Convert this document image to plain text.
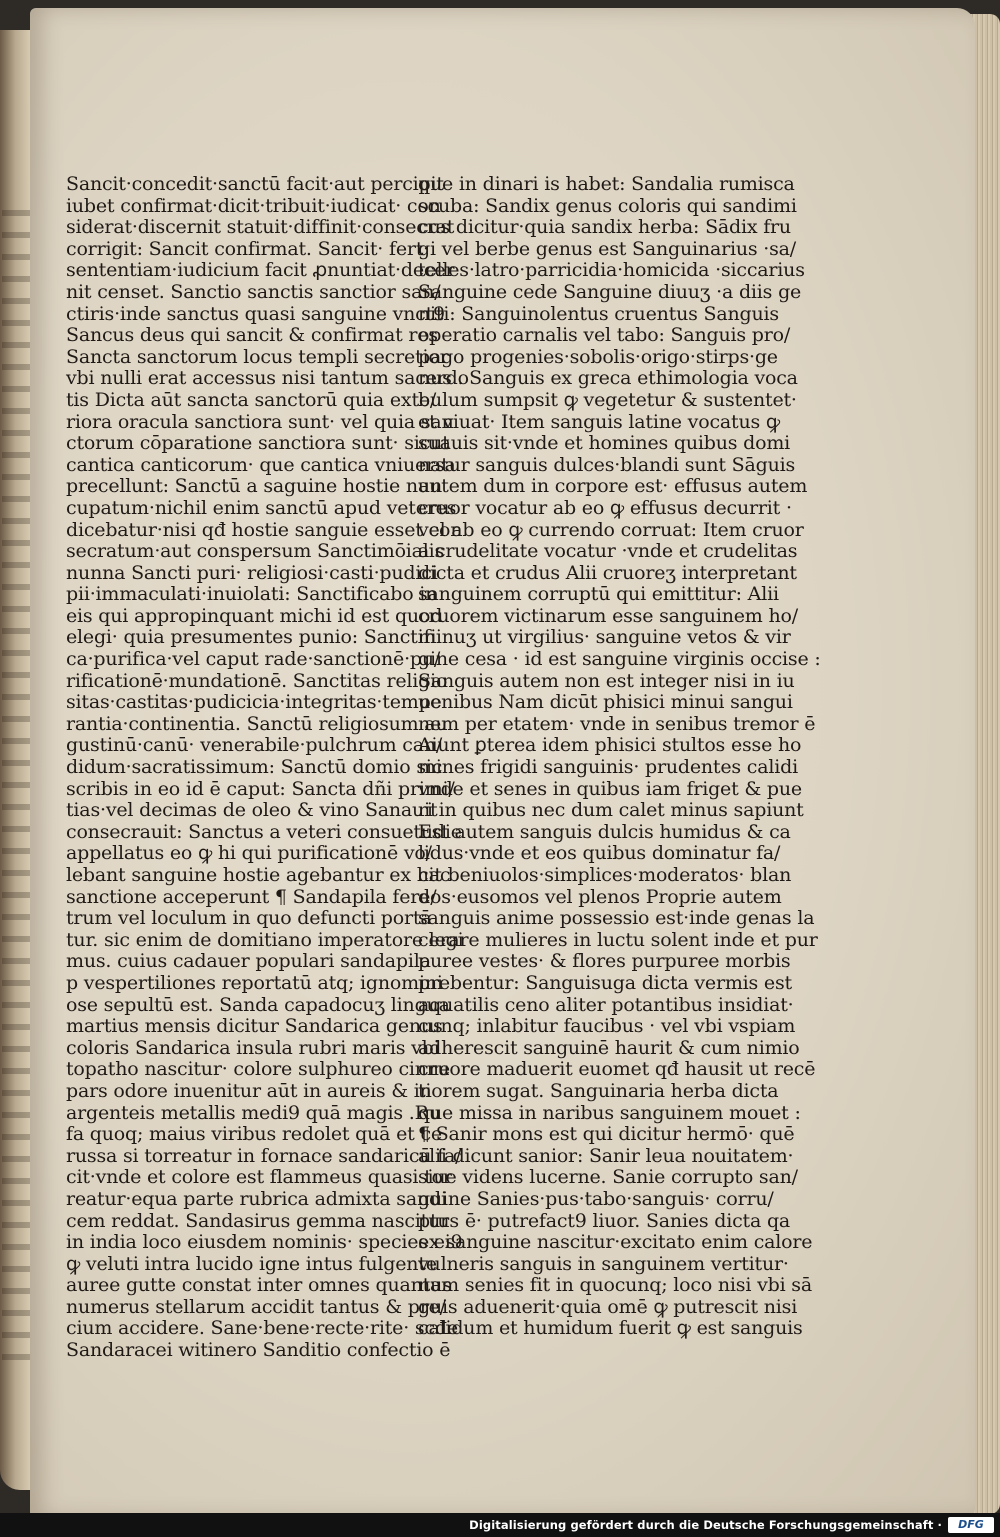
Sancit·concedit·sanctū facit·aut percipit
iubet confirmat·dicit·tribuit·iudicat· con
siderat·discernit statuit·diffinit·consecrat
corrigit: Sancit confirmat. Sancit· fert·
sententiam·iudicium facit ꝓnuntiat·decer
nit censet. Sanctio sanctis sanctior san/
ctiris·inde sanctus quasi sanguine vnct9
Sancus deus qui sancit & confirmat res
Sancta sanctorum locus templi secretior
vbi nulli erat accessus nisi tantum sacerdo
tis Dicta aūt sancta sanctorū quia exte/
riora oracula sanctiora sunt· vel quia san
ctorum cōparatione sanctiora sunt· sicut
cantica canticorum· que cantica vniuersa
precellunt: Sanctū a saguine hostie nun
cupatum·nichil enim sanctū apud veteres
dicebatur·nisi qđ hostie sanguie esset con
secratum·aut conspersum Sanctimōialis
nunna Sancti puri· religiosi·casti·pudici
pii·immaculati·inuiolati: Sanctificabo in
eis qui appropinquant michi id est quod
elegi· quia presumentes punio: Sanctifi
ca·purifica·vel caput rade·sanctionē·pu/
rificationē·mundationē. Sanctitas religio
sitas·castitas·pudicicia·integritas·tempe
rantia·continentia. Sanctū religiosum au
gustinū·canū· venerabile·pulchrum can/
didum·sacratissimum: Sanctū domio sic
scribis in eo id ē caput: Sancta dñi primi/
tias·vel decimas de oleo & vino Sanauit
consecrauit: Sanctus a veteri consuetudie
appellatus eo ꝙ hi qui purificationē vo/
lebant sanguine hostie agebantur ex hac
sanctione acceperunt ¶ Sandapila fere/
trum vel loculum in quo defuncti portā
tur. sic enim de domitiano imperatore legi
mus. cuius cadauer populari sandapila
p vespertiliones reportatū atq; ignomini
ose sepultū est. Sanda capadocuʒ lingua
martius mensis dicitur Sandarica genus
coloris Sandarica insula rubri maris vbi
topatho nascitur· colore sulphureo cinne
pars odore inuenitur aūt in aureis & in
argenteis metallis medi9 quā magis .Ru
fa quoq; maius viribus redolet quā et ce
russa si torreatur in fornace sandaricū fa/
cit·vnde et colore est flammeus quasi tor
reatur·equa parte rubrica admixta sandi
cem reddat. Sandasirus gemma nascitur
in india loco eiusdem nominis· species ei9
ꝙ veluti intra lucido igne intus fulgente
auree gutte constat inter omnes quantus
numerus stellarum accidit tantus & pre/
cium accidere. Sane·bene·recte·rite· scđe
Sandaracei witinero Sanditio confectio ē
que in dinari is habet: Sandalia rumisca
scuba: Sandix genus coloris qui sandimi
cus dicitur·quia sandix herba: Sādix fru
gi vel berbe genus est Sanguinarius ·sa/
telles·latro·parricidia·homicida ·siccarius
Sanguine cede Sanguine diuuʒ ·a diis ge
niti: Sanguinolentus cruentus Sanguis
operatio carnalis vel tabo: Sanguis pro/
pago progenies·sobolis·origo·stirps·ge
nus . Sanguis ex greca ethimologia voca
bulum sumpsit ꝙ vegetetur & sustentet·
et viuat· Item sanguis latine vocatus ꝙ
suauis sit·vnde et homines quibus domi
natur sanguis dulces·blandi sunt Sāguis
autem dum in corpore est· effusus autem
cruor vocatur ab eo ꝙ effusus decurrit ·
vel ab eo ꝙ currendo corruat: Item cruor
a crudelitate vocatur ·vnde et crudelitas
dicta et crudus Alii cruoreʒ interpretant
sanguinem corruptū qui emittitur: Alii
cruorem victinarum esse sanguinem ho/
minuʒ ut virgilius· sanguine vetos & vir
gine cesa · id est sanguine virginis occise :
Sanguis autem non est integer nisi in iu
uenibus Nam dicūt phisici minui sangui
nem per etatem· vnde in senibus tremor ē
Aiunt ꝑterea idem phisici stultos esse ho
mines frigidi sanguinis· prudentes calidi
vnde et senes in quibus iam friget & pue
ri in quibus nec dum calet minus sapiunt
Est autem sanguis dulcis humidus & ca
lidus·vnde et eos quibus dominatur fa/
cit beniuolos·simplices·moderatos· blan
dos·eusomos vel plenos Proprie autem
sanguis anime possessio est·inde genas la
cerare mulieres in luctu solent inde et pur
puree vestes· & flores purpuree morbis
prebentur: Sanguisuga dicta vermis est
aquatilis ceno aliter potantibus insidiat·
cunq; inlabitur faucibus · vel vbi vspiam
adherescit sanguinē haurit & cum nimio
cruore maduerit euomet qđ hausit ut recē
tiorem sugat. Sanguinaria herba dicta
que missa in naribus sanguinem mouet :
¶ Sanir mons est qui dicitur hermō· quē
alii dicunt sanior: Sanir leua nouitatem·
siue videns lucerne. Sanie corrupto san/
guine Sanies·pus·tabo·sanguis· corru/
ptus ē· putrefact9 liuor. Sanies dicta qa
ex sanguine nascitur·excitato enim calore
vulneris sanguis in sanguinem vertitur·
nam senies fit in quocunq; loco nisi vbi sā
guis aduenerit·quia omē ꝙ putrescit nisi
calidum et humidum fuerit ꝙ est sanguis
Digitalisierung gefördert durch die Deutsche Forschungsgemeinschaft ·	DFG
